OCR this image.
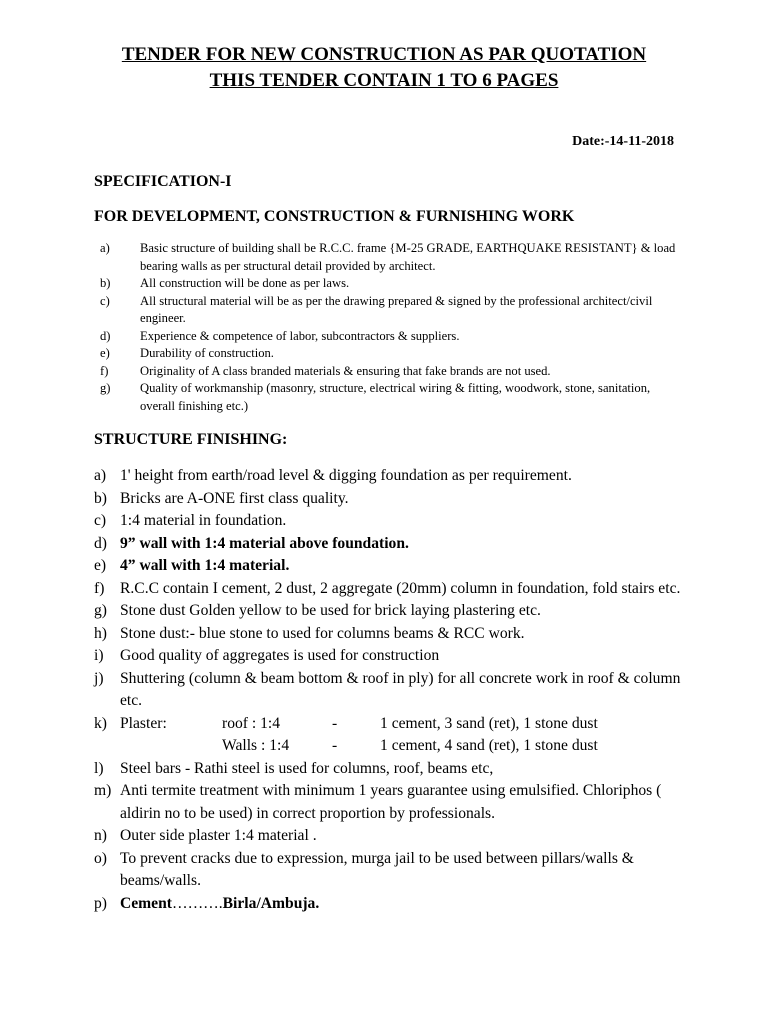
TENDER FOR NEW CONSTRUCTION AS PAR QUOTATION

THIS TENDER CONTAIN 1 TO 6 PAGES

Date:-14-11-2018
SPECIFICATION-I
FOR DEVELOPMENT, CONSTRUCTION & FURNISHING WORK
a) Basic structure of building shall be R.C.C. frame {M-25 GRADE, EARTHQUAKE RESISTANT} & load bearing walls as per structural detail provided by architect.
b) All construction will be done as per laws.
c) All structural material will be as per the drawing prepared & signed by the professional architect/civil engineer.
d) Experience & competence of labor, subcontractors & suppliers.
e) Durability of construction.
f)	Originality of A class branded materials & ensuring that fake brands are not used.
g) Quality of workmanship (masonry, structure, electrical wiring & fitting, woodwork, stone, sanitation, overall finishing etc.)
STRUCTURE FINISHING:
a) 1' height from earth/road level & digging foundation as per requirement.
b) Bricks are A-ONE first class quality.
c) 1:4 material in foundation.
d) 9” wall with 1:4 material above foundation.
e) 4” wall with 1:4 material.
f) R.C.C contain I cement, 2 dust, 2 aggregate (20mm) column in foundation, fold stairs etc.
g) Stone dust Golden yellow to be used for brick laying plastering etc.
h) Stone dust:- blue stone to used for columns beams & RCC work.
i) Good quality of aggregates is used for construction
j) Shuttering (column & beam bottom & roof in ply) for all concrete work in roof & column etc.
k) Plaster:	roof : 1:4	-	1 cement, 3 sand (ret), 1 stone dust
Walls : 1:4	-	1 cement, 4 sand (ret), 1 stone dust
l) Steel bars - Rathi steel is used for columns, roof, beams etc,
m) Anti termite treatment with minimum 1 years guarantee using emulsified. Chloriphos ( aldirin no to be used) in correct proportion by professionals.
n) Outer side plaster 1:4 material .
o) To prevent cracks due to expression, murga jail to be used between pillars/walls & beams/walls.
p) Cement……….Birla/Ambuja.
